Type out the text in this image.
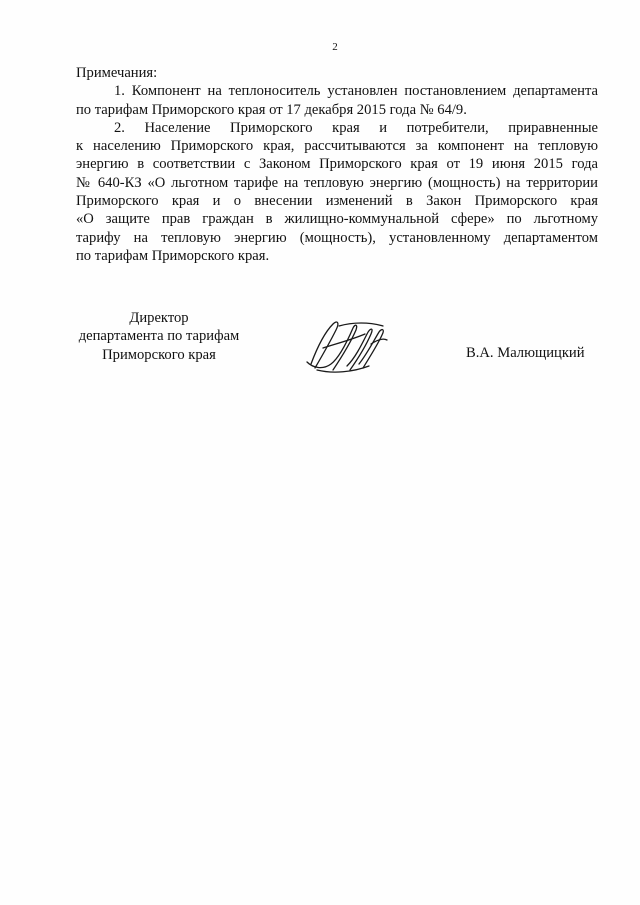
2

Примечания:

1. Компонент на теплоноситель установлен постановлением департамента
по тарифам Приморского края от 17 декабря 2015 года № 64/9.

2. Население Приморского края и потребители, приравненные
к населению Приморского края, рассчитываются за компонент на тепловую
энергию в соответствии с Законом Приморского края от 19 июня 2015 года
№ 640-КЗ «О льготном тарифе на тепловую энергию (мощность) на территории
Приморского края и о внесении изменений в Закон Приморского края
«О защите прав граждан в жилищно-коммунальной сфере» по льготному
тарифу на тепловую энергию (мощность), установленному департаментом
по тарифам Приморского края.

Директор
департамента по тарифам
Приморского края	В.А. Малющицкий
